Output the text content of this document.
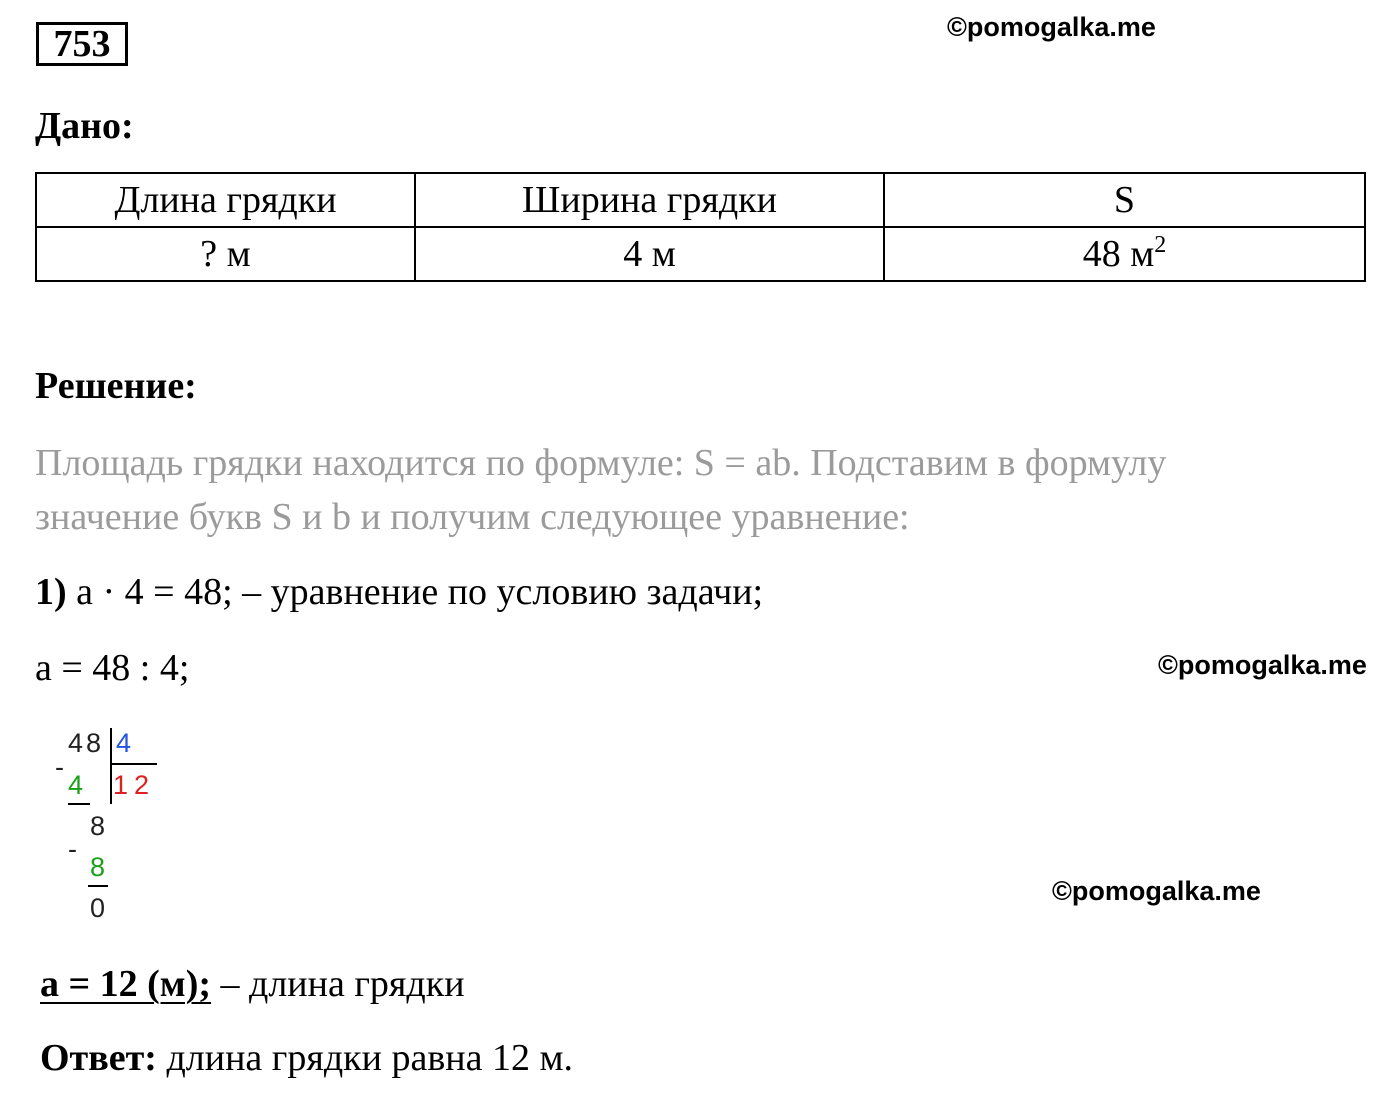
753	©pomogalka.me
Дано:
Длина грядки	Ширина грядки	S
? м	4 м	48 $м^2$
Решение:
Площадь грядки находится по формуле: S = ab. Подставим в формулу
значение букв S и b и получим следующее уравнение:
1) a · 4 = 48; – уравнение по условию задачи;
a = 48 : 4;	©pomogalka.me
48 4
12
-
4
8
-
8
0
©pomogalka.me
a = 12 (м); – длина грядки
Ответ: длина грядки равна 12 м.
